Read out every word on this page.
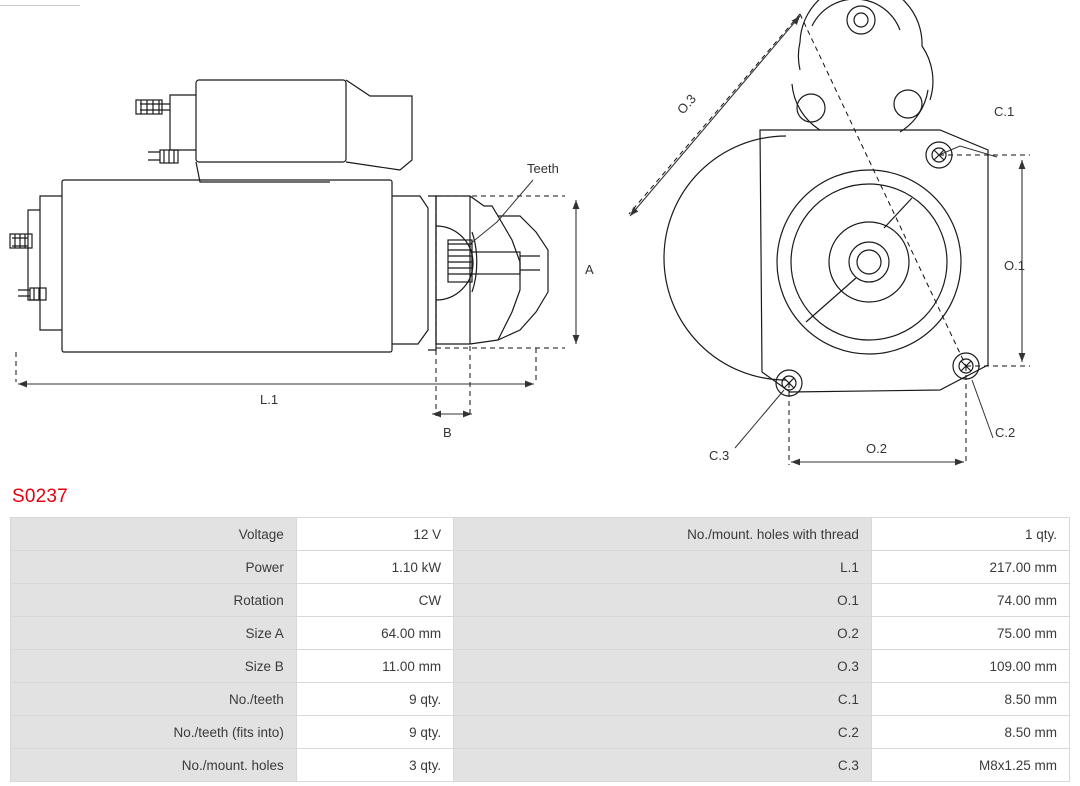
Teeth
A
L.1
B
C.1
C.2
C.3
O.1
O.2
O.3
S0237
Voltage	12 V	No./mount. holes with thread	1 qty.
Power	1.10 kW	L.1	217.00 mm
Rotation	CW	O.1	74.00 mm
Size A	64.00 mm	O.2	75.00 mm
Size B	11.00 mm	O.3	109.00 mm
No./teeth	9 qty.	C.1	8.50 mm
No./teeth (fits into)	9 qty.	C.2	8.50 mm
No./mount. holes	3 qty.	C.3	M8x1.25 mm
